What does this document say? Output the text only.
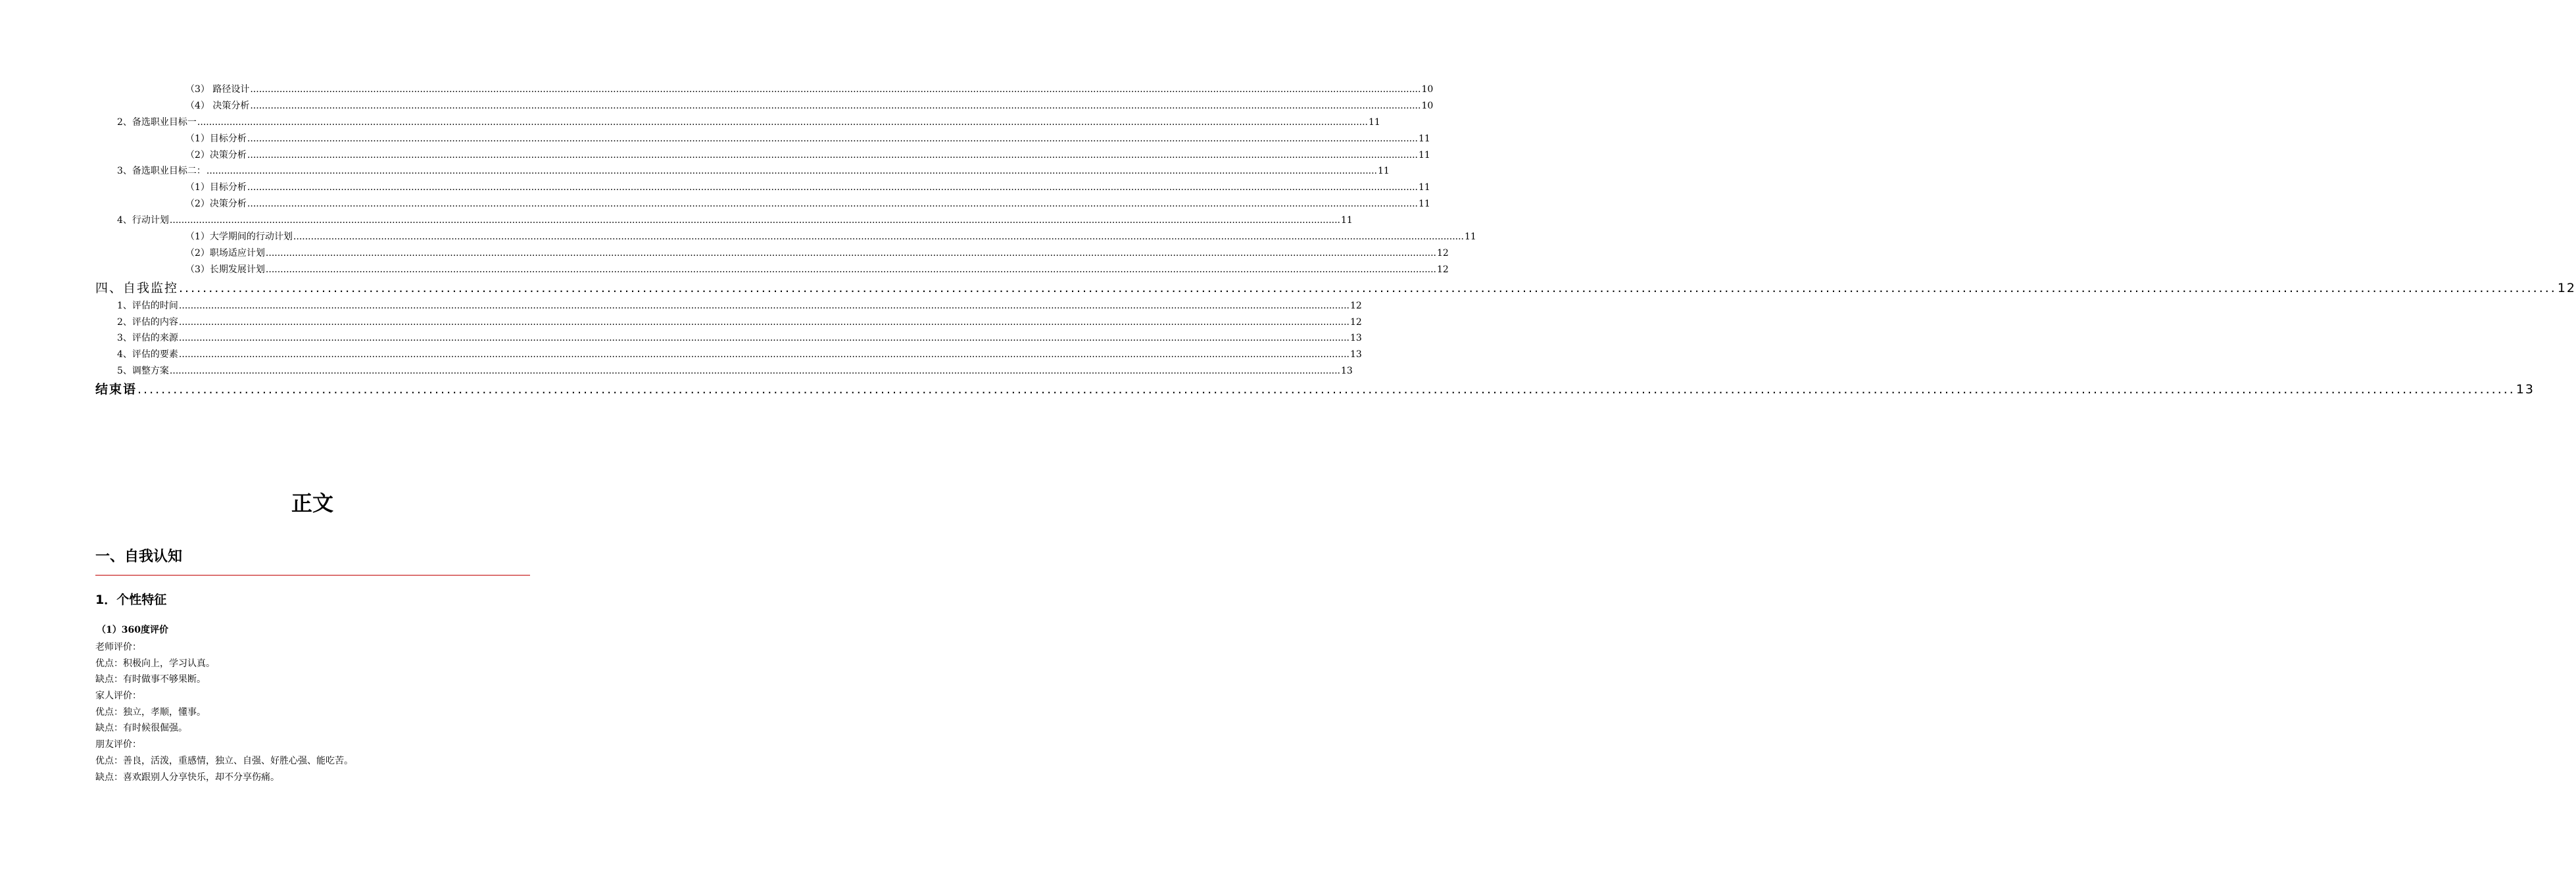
（3） 路径设计 ................................................................................................................................................................................................................................................................................................................................................................................................................ 10
（4） 决策分析 ................................................................................................................................................................................................................................................................................................................................................................................................................ 10
2、备选职业目标一 ................................................................................................................................................................................................................................................................................................................................................................................................................ 11
（1）目标分析 ................................................................................................................................................................................................................................................................................................................................................................................................................ 11
（2）决策分析 ................................................................................................................................................................................................................................................................................................................................................................................................................ 11
3、备选职业目标二： ................................................................................................................................................................................................................................................................................................................................................................................................................ 11
（1）目标分析 ................................................................................................................................................................................................................................................................................................................................................................................................................ 11
（2）决策分析 ................................................................................................................................................................................................................................................................................................................................................................................................................ 11
4、行动计划 ................................................................................................................................................................................................................................................................................................................................................................................................................ 11
（1）大学期间的行动计划 ................................................................................................................................................................................................................................................................................................................................................................................................................ 11
（2）职场适应计划 ................................................................................................................................................................................................................................................................................................................................................................................................................ 12
（3）长期发展计划 ................................................................................................................................................................................................................................................................................................................................................................................................................ 12
四、自我监控 ................................................................................................................................................................................................................................................................................................................................................................................................................ 12
1、评估的时间 ................................................................................................................................................................................................................................................................................................................................................................................................................ 12
2、评估的内容 ................................................................................................................................................................................................................................................................................................................................................................................................................ 12
3、评估的来源 ................................................................................................................................................................................................................................................................................................................................................................................................................ 13
4、评估的要素 ................................................................................................................................................................................................................................................................................................................................................................................................................ 13
5、调整方案 ................................................................................................................................................................................................................................................................................................................................................................................................................ 13
结束语 ................................................................................................................................................................................................................................................................................................................................................................................................................ 13
正文
一、自我认知
1．个性特征
（1）360度评价
老师评价：
优点：积极向上，学习认真。
缺点：有时做事不够果断。
家人评价：
优点：独立，孝顺，懂事。
缺点：有时候很倔强。
朋友评价：
优点：善良，活泼，重感情，独立、自强、好胜心强、能吃苦。
缺点：喜欢跟别人分享快乐，却不分享伤痛。
